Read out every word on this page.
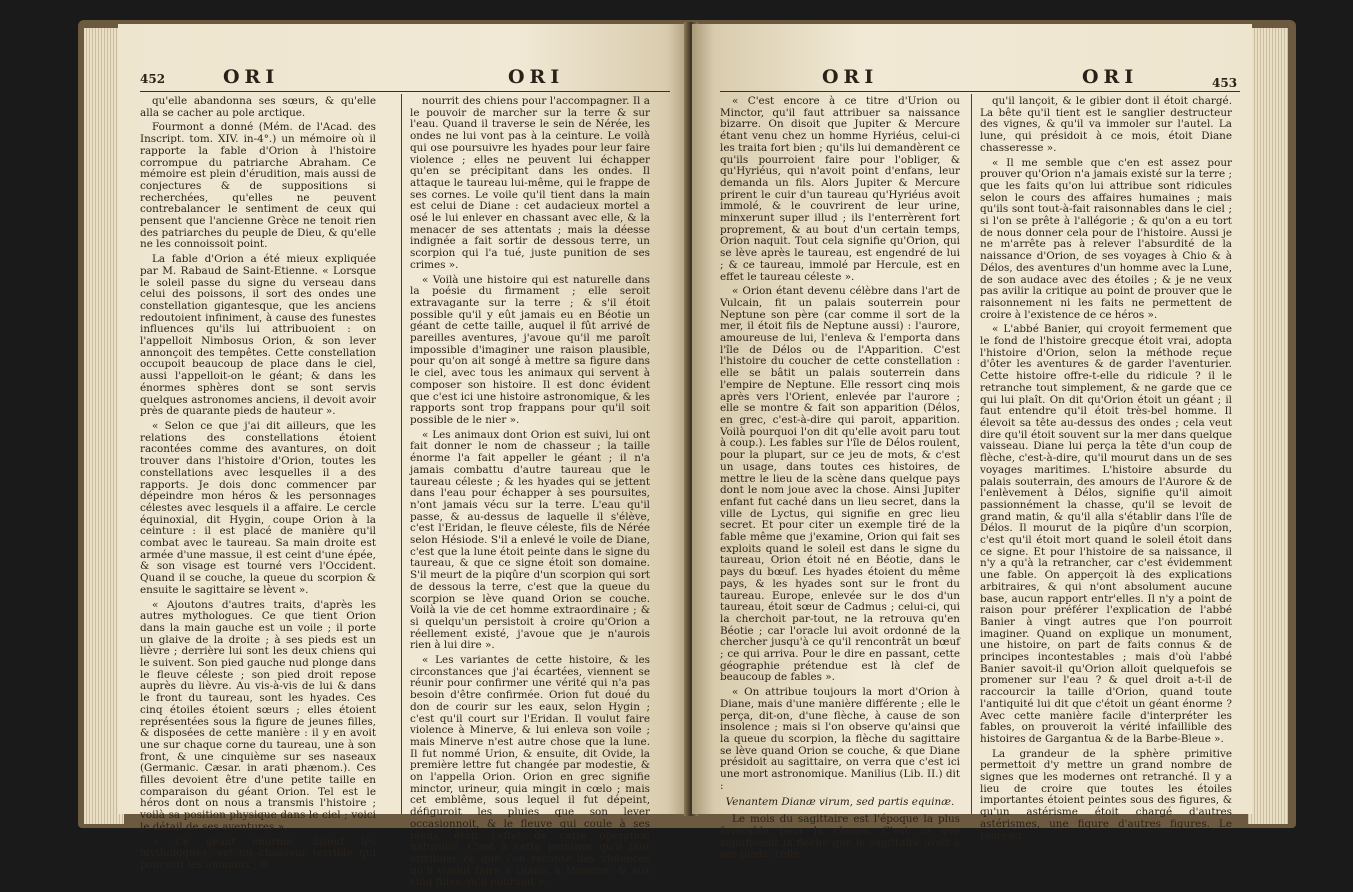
452	ORI	ORI

qu'elle abandonna ses sœurs, & qu'elle alla se cacher au pole arctique.

Fourmont a donné (Mém. de l'Acad. des Inscript. tom. XIV. in-4°.) un mémoire où il rapporte la fable d'Orion à l'histoire corrompue du patriarche Abraham. Ce mémoire est plein d'érudition, mais aussi de conjectures & de suppositions si recherchées, qu'elles ne peuvent contrebalancer le sentiment de ceux qui pensent que l'ancienne Grèce ne tenoit rien des patriarches du peuple de Dieu, & qu'elle ne les connoissoit point.

La fable d'Orion a été mieux expliquée par M. Rabaud de Saint-Etienne. « Lorsque le soleil passe du signe du verseau dans celui des poissons, il sort des ondes une constellation gigantesque, que les anciens redoutoient infiniment, à cause des funestes influences qu'ils lui attribuoient : on l'appelloit Nimbosus Orion, & son lever annonçoit des tempêtes. Cette constellation occupoit beaucoup de place dans le ciel, aussi l'appelloit-on le géant; & dans les énormes sphères dont se sont servis quelques astronomes anciens, il devoit avoir près de quarante pieds de hauteur ».

« Selon ce que j'ai dit ailleurs, que les relations des constellations étoient racontées comme des avantures, on doit trouver dans l'histoire d'Orion, toutes les constellations avec lesquelles il a des rapports. Je dois donc commencer par dépeindre mon héros & les personnages célestes avec lesquels il a affaire. Le cercle équinoxial, dit Hygin, coupe Orion à la ceinture : il est placé de manière qu'il combat avec le taureau. Sa main droite est armée d'une massue, il est ceint d'une épée, & son visage est tourné vers l'Occident. Quand il se couche, la queue du scorpion & ensuite le sagittaire se lèvent ».

« Ajoutons d'autres traits, d'après les autres mythologues. Ce que tient Orion dans la main gauche est un voile ; il porte un glaive de la droite ; à ses pieds est un lièvre ; derrière lui sont les deux chiens qui le suivent. Son pied gauche nud plonge dans le fleuve céleste ; son pied droit repose auprès du lièvre. Au vis-à-vis de lui & dans le front du taureau, sont les hyades. Ces cinq étoiles étoient sœurs ; elles étoient représentées sous la figure de jeunes filles, & disposées de cette manière : il y en avoit une sur chaque corne du taureau, une à son front, & une cinquième sur ses naseaux (Germanic. Cæsar. in arati phænom.). Ces filles devoient être d'une petite taille en comparaison du géant Orion. Tel est le héros dont on nous a transmis l'histoire ; voilà sa position physique dans le ciel ; voici le détail de ses aventures ».

« Ce géant énorme, disent les mythologues, est un chasseur terrible qui poursuit les animaux ; il

nourrit des chiens pour l'accompagner. Il a le pouvoir de marcher sur la terre & sur l'eau. Quand il traverse le sein de Nérée, les ondes ne lui vont pas à la ceinture. Le voilà qui ose poursuivre les hyades pour leur faire violence ; elles ne peuvent lui échapper qu'en se précipitant dans les ondes. Il attaque le taureau lui-même, qui le frappe de ses cornes. Le voile qu'il tient dans la main est celui de Diane : cet audacieux mortel a osé le lui enlever en chassant avec elle, & la menacer de ses attentats ; mais la déesse indignée a fait sortir de dessous terre, un scorpion qui l'a tué, juste punition de ses crimes ».

« Voilà une histoire qui est naturelle dans la poésie du firmament ; elle seroit extravagante sur la terre ; & s'il étoit possible qu'il y eût jamais eu en Béotie un géant de cette taille, auquel il fût arrivé de pareilles aventures, j'avoue qu'il me paroît impossible d'imaginer une raison plausible, pour qu'on ait songé à mettre sa figure dans le ciel, avec tous les animaux qui servent à composer son histoire. Il est donc évident que c'est ici une histoire astronomique, & les rapports sont trop frappans pour qu'il soit possible de le nier ».

« Les animaux dont Orion est suivi, lui ont fait donner le nom de chasseur ; la taille énorme l'a fait appeller le géant ; il n'a jamais combattu d'autre taureau que le taureau céleste ; & les hyades qui se jettent dans l'eau pour échapper à ses poursuites, n'ont jamais vécu sur la terre. L'eau qu'il passe, & au-dessus de laquelle il s'élève, c'est l'Eridan, le fleuve céleste, fils de Nérée selon Hésiode. S'il a enlevé le voile de Diane, c'est que la lune étoit peinte dans le signe du taureau, & que ce signe étoit son domaine. S'il meurt de la piqûre d'un scorpion qui sort de dessous la terre, c'est que la queue du scorpion se lève quand Orion se couche. Voilà la vie de cet homme extraordinaire ; & si quelqu'un persistoit à croire qu'Orion a réellement existé, j'avoue que je n'aurois rien à lui dire ».

« Les variantes de cette histoire, & les circonstances que j'ai écartées, viennent se réunir pour confirmer une vérité qui n'a pas besoin d'être confirmée. Orion fut doué du don de courir sur les eaux, selon Hygin ; c'est qu'il court sur l'Eridan. Il voulut faire violence à Minerve, & lui enleva son voile ; mais Minerve n'est autre chose que la lune. Il fut nommé Urion, & ensuite, dit Ovide, la première lettre fut changée par modestie, & on l'appella Orion. Orion en grec signifie minctor, urineur, quia mingit in cœlo ; mais cet emblême, sous lequel il fut dépeint, défiguroit les pluies que son lever occasionnoit, & le fleuve qui coule à ses pieds, étoit l'effet de cette opération naturelle. C'est à cette peinture qu'il faut attribuer ce que l'on raconte des violences qu'il voulut faire à Diane, à Minerve, & aux cinq filles qu'il poursuit ».

ORI	ORI	453

« C'est encore à ce titre d'Urion ou Minctor, qu'il faut attribuer sa naissance bizarre. On disoit que Jupiter & Mercure étant venu chez un homme Hyriéus, celui-ci les traita fort bien ; qu'ils lui demandèrent ce qu'ils pourroient faire pour l'obliger, & qu'Hyriéus, qui n'avoit point d'enfans, leur demanda un fils. Alors Jupiter & Mercure prirent le cuir d'un taureau qu'Hyriéus avoit immolé, & le couvrirent de leur urine, minxerunt super illud ; ils l'enterrèrent fort proprement, & au bout d'un certain temps, Orion naquit. Tout cela signifie qu'Orion, qui se lève après le taureau, est engendré de lui ; & ce taureau, immolé par Hercule, est en effet le taureau céleste ».

« Orion étant devenu célèbre dans l'art de Vulcain, fit un palais souterrein pour Neptune son père (car comme il sort de la mer, il étoit fils de Neptune aussi) : l'aurore, amoureuse de lui, l'enleva & l'emporta dans l'île de Délos ou de l'Apparition. C'est l'histoire du coucher de cette constellation : elle se bâtit un palais souterrein dans l'empire de Neptune. Elle ressort cinq mois après vers l'Orient, enlevée par l'aurore ; elle se montre & fait son apparition (Délos, en grec, c'est-à-dire qui paroit, apparition. Voilà pourquoi l'on dit qu'elle avoit paru tout à coup.). Les fables sur l'île de Délos roulent, pour la plupart, sur ce jeu de mots, & c'est un usage, dans toutes ces histoires, de mettre le lieu de la scène dans quelque pays dont le nom joue avec la chose. Ainsi Jupiter enfant fut caché dans un lieu secret, dans la ville de Lyctus, qui signifie en grec lieu secret. Et pour citer un exemple tiré de la fable même que j'examine, Orion qui fait ses exploits quand le soleil est dans le signe du taureau, Orion étoit né en Béotie, dans le pays du bœuf. Les hyades étoient du même pays, & les hyades sont sur le front du taureau. Europe, enlevée sur le dos d'un taureau, étoit sœur de Cadmus ; celui-ci, qui la cherchoit par-tout, ne la retrouva qu'en Béotie ; car l'oracle lui avoit ordonné de la chercher jusqu'à ce qu'il rencontrât un bœuf ; ce qui arriva. Pour le dire en passant, cette géographie prétendue est là clef de beaucoup de fables ».

« On attribue toujours la mort d'Orion à Diane, mais d'une manière différente ; elle le perça, dit-on, d'une flèche, à cause de son insolence ; mais si l'on observe qu'ainsi que la queue du scorpion, la flèche du sagittaire se lève quand Orion se couche, & que Diane présidoit au sagittaire, on verra que c'est ici une mort astronomique. Manilius (Lib. II.) dit :

Venantem Dianæ virum, sed partis equinæ.

Le mois du sagittaire est l'époque la plus favorable pour la chasse. C'est ce que signifioient la flèche que le sagittaire avoit à ses pieds, celle

qu'il lançoit, & le gibier dont il étoit chargé. La bête qu'il tient est le sanglier destructeur des vignes, & qu'il va immoler sur l'autel. La lune, qui présidoit à ce mois, étoit Diane chasseresse ».

« Il me semble que c'en est assez pour prouver qu'Orion n'a jamais existé sur la terre ; que les faits qu'on lui attribue sont ridicules selon le cours des affaires humaines ; mais qu'ils sont tout-à-fait raisonnables dans le ciel ; si l'on se prête à l'allégorie ; & qu'on a eu tort de nous donner cela pour de l'histoire. Aussi je ne m'arrête pas à relever l'absurdité de la naissance d'Orion, de ses voyages à Chio & à Délos, des aventures d'un homme avec la Lune, de son audace avec des étoiles ; & je ne veux pas avilir la critique au point de prouver que le raisonnement ni les faits ne permettent de croire à l'existence de ce héros ».

« L'abbé Banier, qui croyoit fermement que le fond de l'histoire grecque étoit vrai, adopta l'histoire d'Orion, selon la méthode reçue d'ôter les aventures & de garder l'aventurier. Cette histoire offre-t-elle du ridicule ? il le retranche tout simplement, & ne garde que ce qui lui plaît. On dit qu'Orion étoit un géant ; il faut entendre qu'il étoit très-bel homme. Il élevoit sa tête au-dessus des ondes ; cela veut dire qu'il étoit souvent sur la mer dans quelque vaisseau. Diane lui perça la tête d'un coup de flèche, c'est-à-dire, qu'il mourut dans un de ses voyages maritimes. L'histoire absurde du palais souterrain, des amours de l'Aurore & de l'enlèvement à Délos, signifie qu'il aimoit passionnément la chasse, qu'il se levoit de grand matin, & qu'il alla s'établir dans l'île de Délos. Il mourut de la piqûre d'un scorpion, c'est qu'il étoit mort quand le soleil étoit dans ce signe. Et pour l'histoire de sa naissance, il n'y a qu'à la retrancher, car c'est évidemment une fable. On apperçoit là des explications arbitraires, & qui n'ont absolument aucune base, aucun rapport entr'elles. Il n'y a point de raison pour préférer l'explication de l'abbé Banier à vingt autres que l'on pourroit imaginer. Quand on explique un monument, une histoire, on part de faits connus & de principes incontestables ; mais d'où l'abbé Banier savoit-il qu'Orion alloit quelquefois se promener sur l'eau ? & quel droit a-t-il de raccourcir la taille d'Orion, quand toute l'antiquité lui dit que c'étoit un géant énorme ? Avec cette manière facile d'interpréter les fables, on prouveroit la vérité infaillible des histoires de Gargantua & de la Barbe-Bleue ».

La grandeur de la sphère primitive permettoit d'y mettre un grand nombre de signes que les modernes ont retranché. Il y a lieu de croire que toutes les étoiles importantes étoient peintes sous des figures, & qu'un astérisme étoit chargé d'autres astérismes, une figure d'autres figures. Le taureau
